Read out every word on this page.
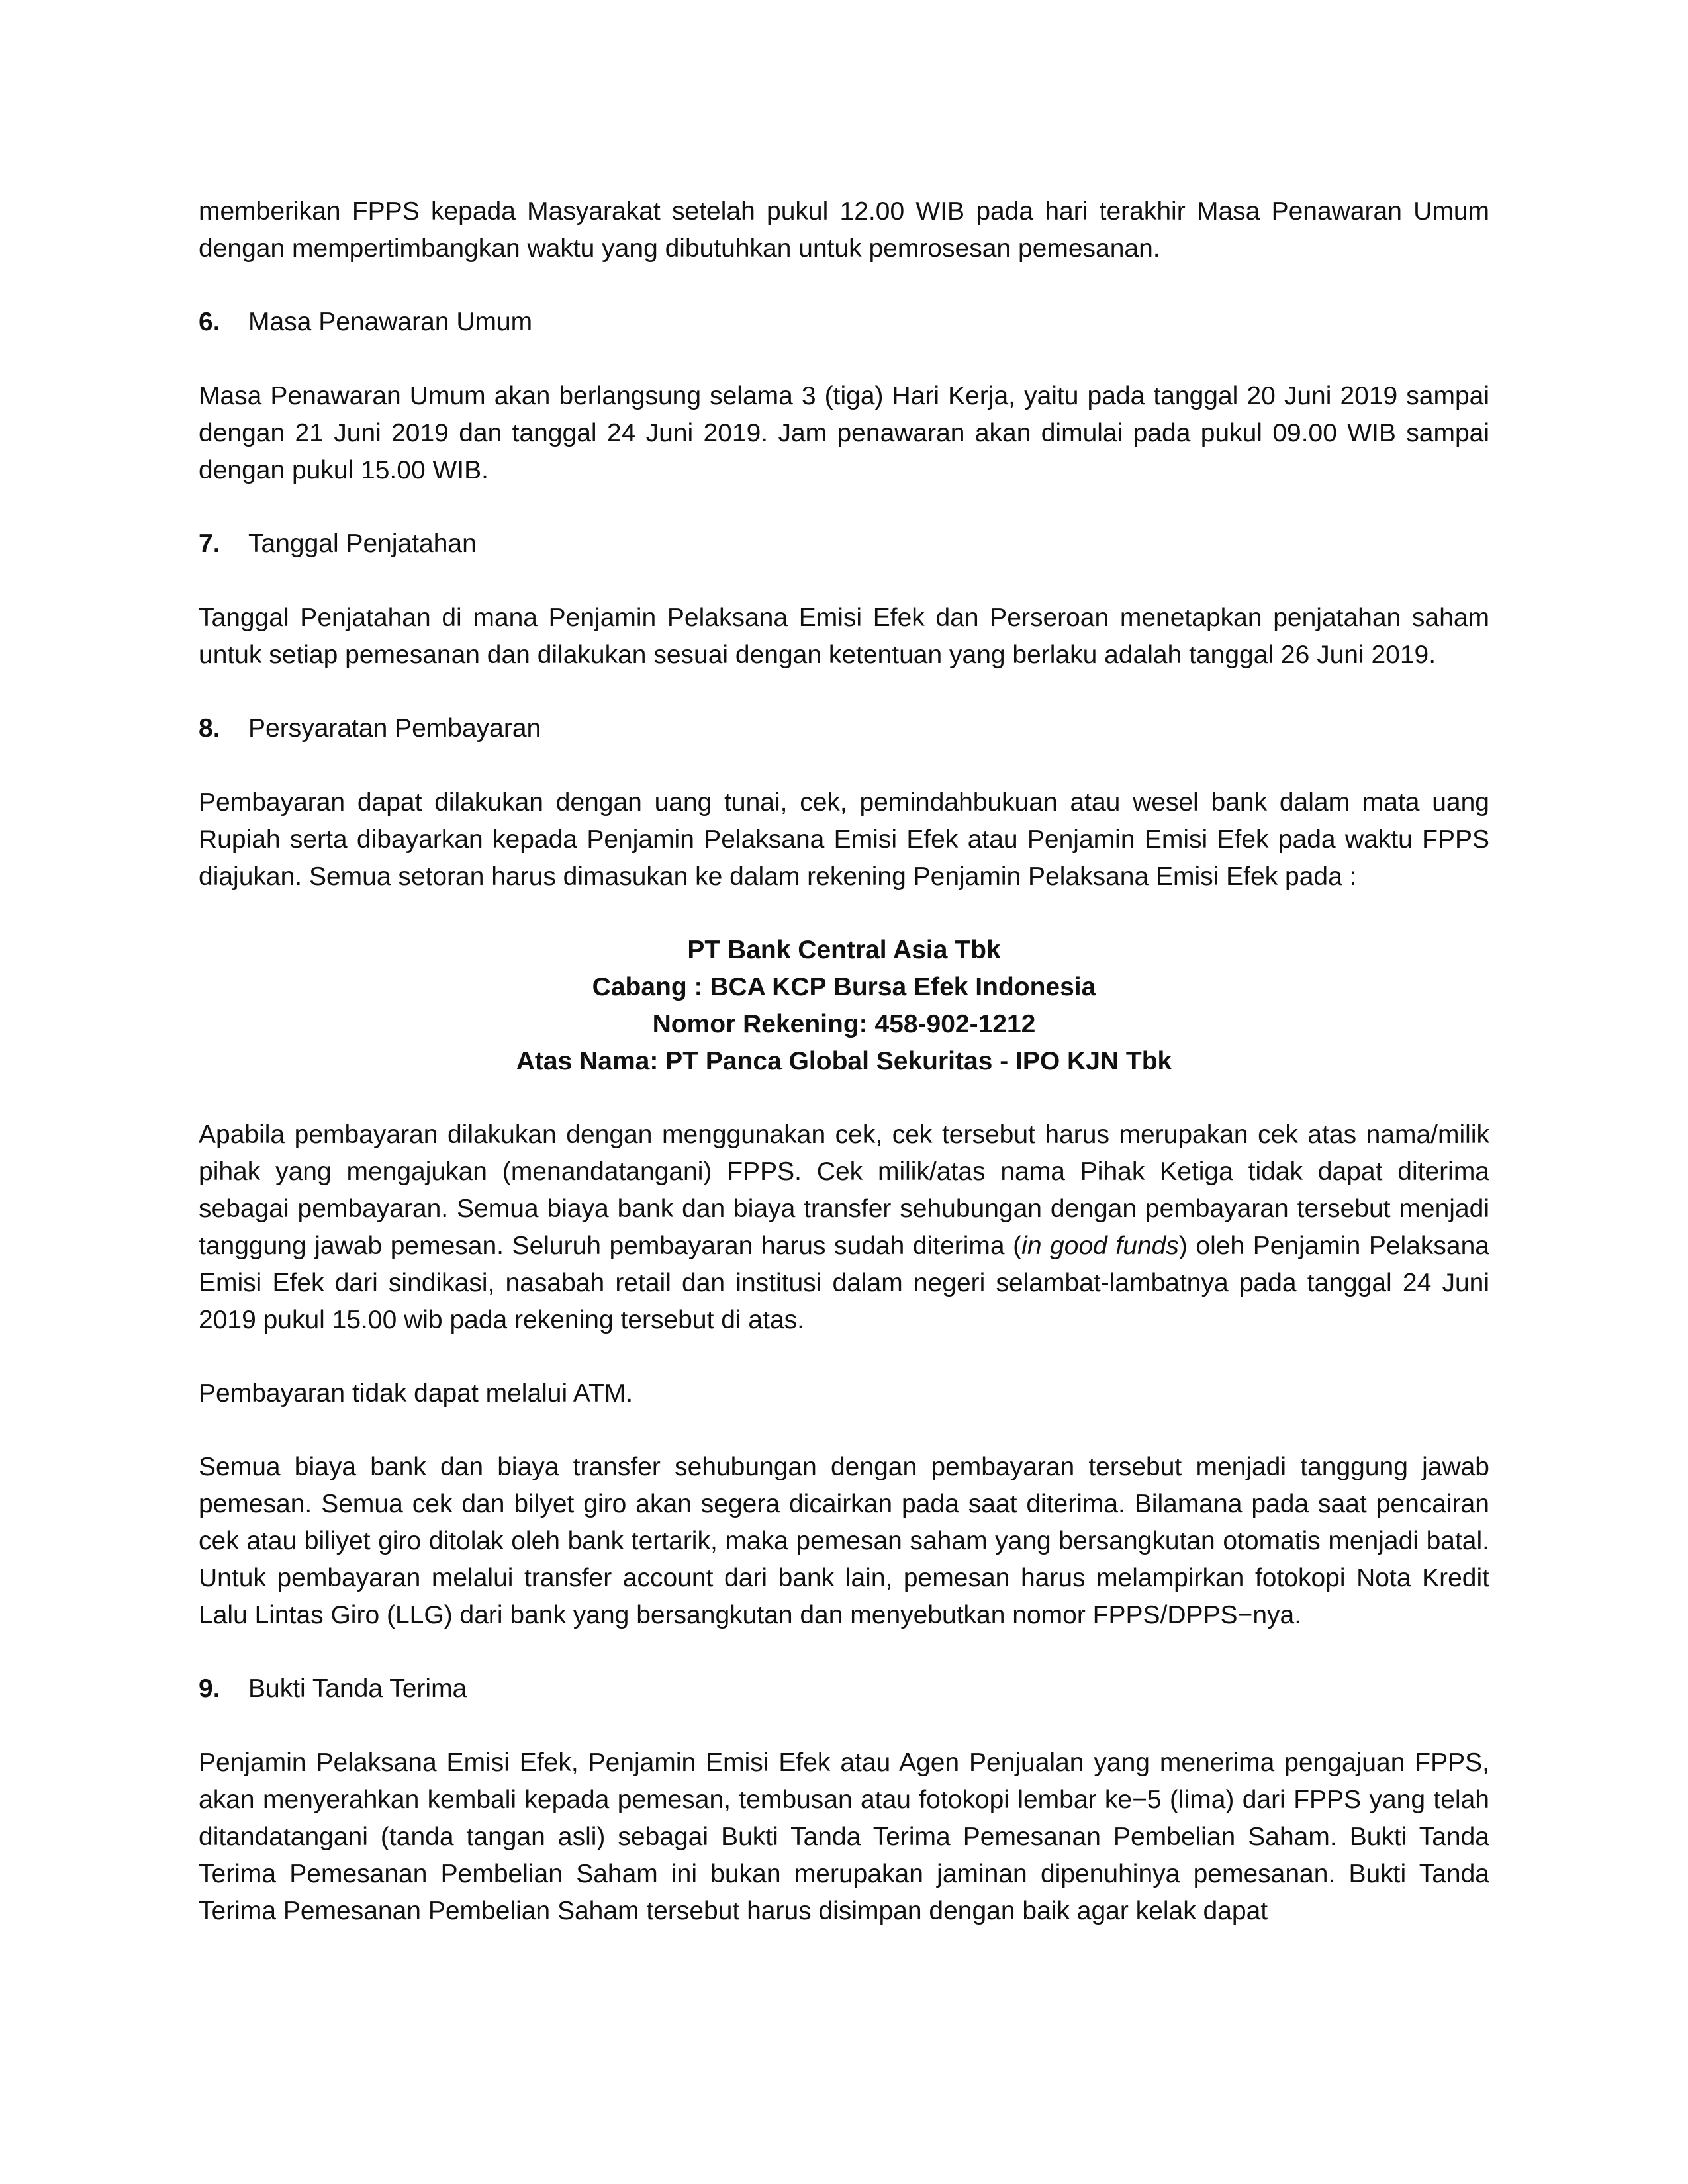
memberikan FPPS kepada Masyarakat setelah pukul 12.00 WIB pada hari terakhir Masa Penawaran Umum dengan mempertimbangkan waktu yang dibutuhkan untuk pemrosesan pemesanan.

6.	Masa Penawaran Umum

Masa Penawaran Umum akan berlangsung selama 3 (tiga) Hari Kerja, yaitu pada tanggal 20 Juni 2019 sampai dengan 21 Juni 2019 dan tanggal 24 Juni 2019. Jam penawaran akan dimulai pada pukul 09.00 WIB sampai dengan pukul 15.00 WIB.

7.	Tanggal Penjatahan

Tanggal Penjatahan di mana Penjamin Pelaksana Emisi Efek dan Perseroan menetapkan penjatahan saham untuk setiap pemesanan dan dilakukan sesuai dengan ketentuan yang berlaku adalah tanggal 26 Juni 2019.

8.	Persyaratan Pembayaran

Pembayaran dapat dilakukan dengan uang tunai, cek, pemindahbukuan atau wesel bank dalam mata uang Rupiah serta dibayarkan kepada Penjamin Pelaksana Emisi Efek atau Penjamin Emisi Efek pada waktu FPPS diajukan. Semua setoran harus dimasukan ke dalam rekening Penjamin Pelaksana Emisi Efek pada :

PT Bank Central Asia Tbk
Cabang : BCA KCP Bursa Efek Indonesia
Nomor Rekening: 458-902-1212
Atas Nama: PT Panca Global Sekuritas - IPO KJN Tbk

Apabila pembayaran dilakukan dengan menggunakan cek, cek tersebut harus merupakan cek atas nama/milik pihak yang mengajukan (menandatangani) FPPS. Cek milik/atas nama Pihak Ketiga tidak dapat diterima sebagai pembayaran. Semua biaya bank dan biaya transfer sehubungan dengan pembayaran tersebut menjadi tanggung jawab pemesan. Seluruh pembayaran harus sudah diterima (in good funds) oleh Penjamin Pelaksana Emisi Efek dari sindikasi, nasabah retail dan institusi dalam negeri selambat-lambatnya pada tanggal 24 Juni 2019 pukul 15.00 wib pada rekening tersebut di atas.

Pembayaran tidak dapat melalui ATM.

Semua biaya bank dan biaya transfer sehubungan dengan pembayaran tersebut menjadi tanggung jawab pemesan. Semua cek dan bilyet giro akan segera dicairkan pada saat diterima. Bilamana pada saat pencairan cek atau biliyet giro ditolak oleh bank tertarik, maka pemesan saham yang bersangkutan otomatis menjadi batal. Untuk pembayaran melalui transfer account dari bank lain, pemesan harus melampirkan fotokopi Nota Kredit Lalu Lintas Giro (LLG) dari bank yang bersangkutan dan menyebutkan nomor FPPS/DPPS−nya.

9.	Bukti Tanda Terima

Penjamin Pelaksana Emisi Efek, Penjamin Emisi Efek atau Agen Penjualan yang menerima pengajuan FPPS, akan menyerahkan kembali kepada pemesan, tembusan atau fotokopi lembar ke−5 (lima) dari FPPS yang telah ditandatangani (tanda tangan asli) sebagai Bukti Tanda Terima Pemesanan Pembelian Saham. Bukti Tanda Terima Pemesanan Pembelian Saham ini bukan merupakan jaminan dipenuhinya pemesanan. Bukti Tanda Terima Pemesanan Pembelian Saham tersebut harus disimpan dengan baik agar kelak dapat
